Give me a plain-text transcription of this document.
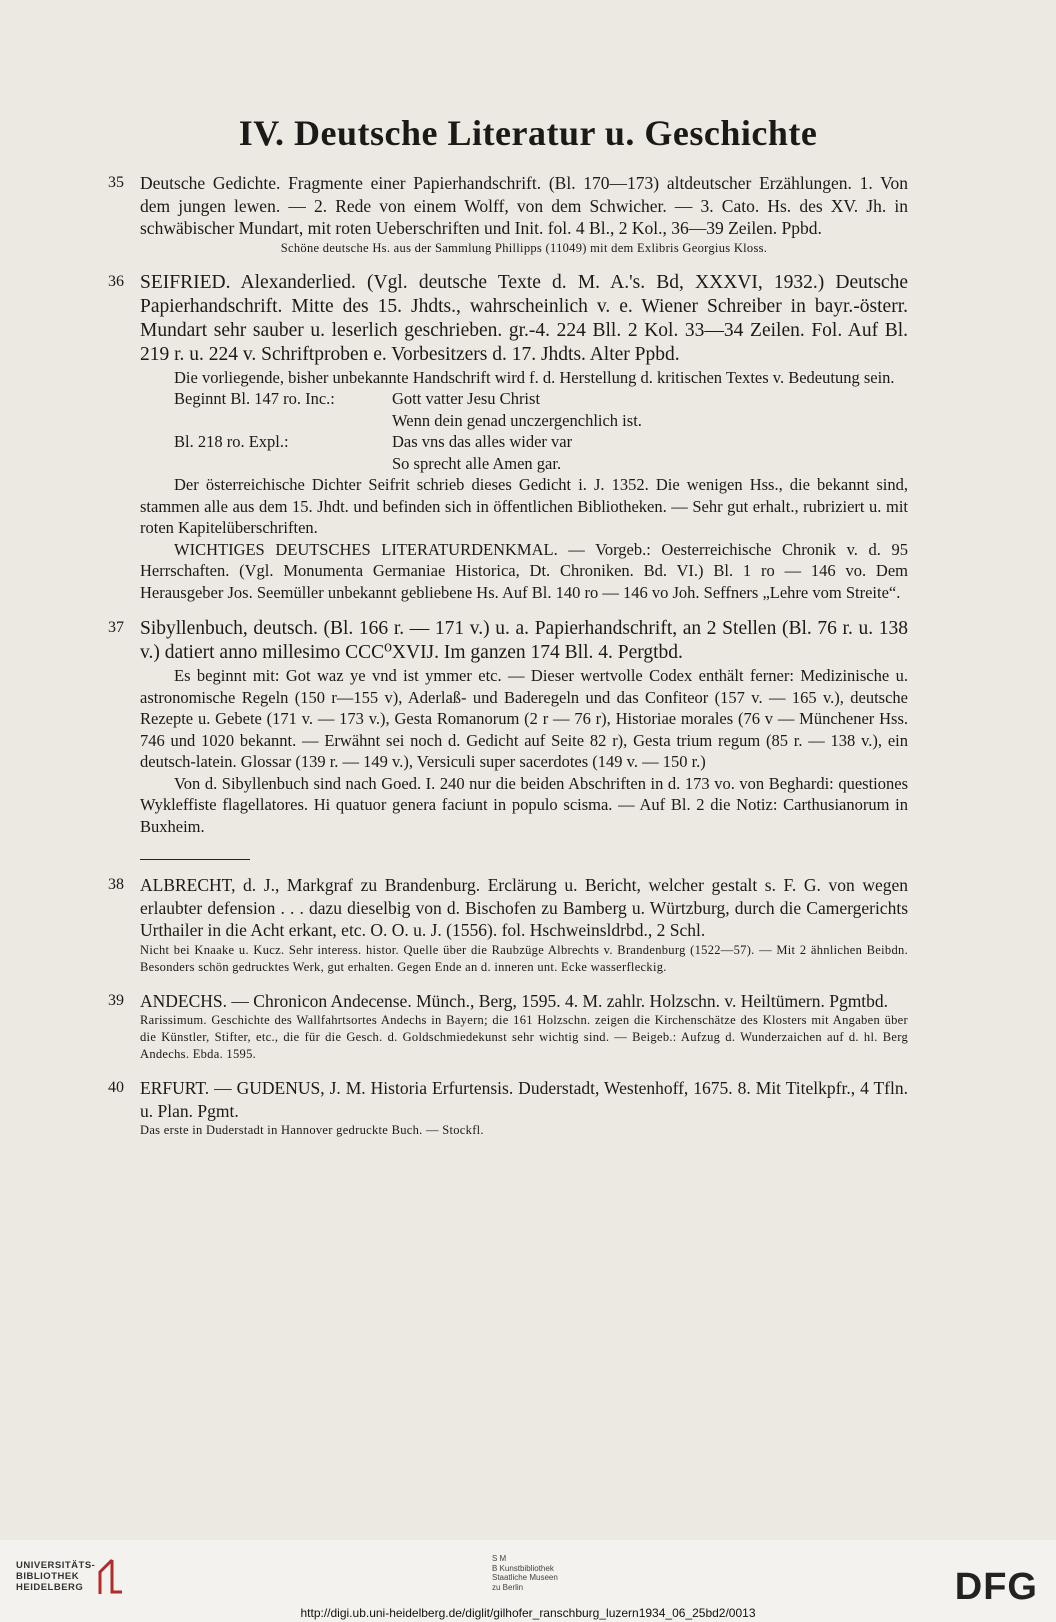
IV. Deutsche Literatur u. Geschichte
35 Deutsche Gedichte. Fragmente einer Papierhandschrift. (Bl. 170—173) altdeutscher Erzählungen. 1. Von dem jungen lewen. — 2. Rede von einem Wolff, von dem Schwicher. — 3. Cato. Hs. des XV. Jh. in schwäbischer Mundart, mit roten Ueberschriften und Init. fol. 4 Bl., 2 Kol., 36—39 Zeilen. Ppbd.

Schöne deutsche Hs. aus der Sammlung Phillipps (11049) mit dem Exlibris Georgius Kloss.

36 SEIFRIED. Alexanderlied. (Vgl. deutsche Texte d. M. A.'s. Bd, XXXVI, 1932.) Deutsche Papierhandschrift. Mitte des 15. Jhdts., wahrscheinlich v. e. Wiener Schreiber in bayr.-österr. Mundart sehr sauber u. leserlich geschrieben. gr.-4. 224 Bll. 2 Kol. 33—34 Zeilen. Fol. Auf Bl. 219 r. u. 224 v. Schriftproben e. Vorbesitzers d. 17. Jhdts. Alter Ppbd.

Die vorliegende, bisher unbekannte Handschrift wird f. d. Herstellung d. kritischen Textes v. Bedeutung sein.

Beginnt Bl. 147 ro. Inc.:	Gott vatter Jesu Christ
Wenn dein genad unczergenchlich ist.
Bl. 218 ro. Expl.:	Das vns das alles wider var
So sprecht alle Amen gar.

Der österreichische Dichter Seifrit schrieb dieses Gedicht i. J. 1352. Die wenigen Hss., die bekannt sind, stammen alle aus dem 15. Jhdt. und befinden sich in öffentlichen Bibliotheken. — Sehr gut erhalt., rubriziert u. mit roten Kapitelüberschriften.

WICHTIGES DEUTSCHES LITERATURDENKMAL. — Vorgeb.: Oesterreichische Chronik v. d. 95 Herrschaften. (Vgl. Monumenta Germaniae Historica, Dt. Chroniken. Bd. VI.) Bl. 1 ro — 146 vo. Dem Herausgeber Jos. Seemüller unbekannt gebliebene Hs. Auf Bl. 140 ro — 146 vo Joh. Seffners „Lehre vom Streite“.

37 Sibyllenbuch, deutsch. (Bl. 166 r. — 171 v.) u. a. Papierhandschrift, an 2 Stellen (Bl. 76 r. u. 138 v.) datiert anno millesimo CCC⁰XVIJ. Im ganzen 174 Bll. 4. Pergtbd.

Es beginnt mit: Got waz ye vnd ist ymmer etc. — Dieser wertvolle Codex enthält ferner: Medizinische u. astronomische Regeln (150 r—155 v), Aderlaß- und Baderegeln und das Confiteor (157 v. — 165 v.), deutsche Rezepte u. Gebete (171 v. — 173 v.), Gesta Romanorum (2 r — 76 r), Historiae morales (76 v — Münchener Hss. 746 und 1020 bekannt. — Erwähnt sei noch d. Gedicht auf Seite 82 r), Gesta trium regum (85 r. — 138 v.), ein deutsch-latein. Glossar (139 r. — 149 v.), Versiculi super sacerdotes (149 v. — 150 r.)

Von d. Sibyllenbuch sind nach Goed. I. 240 nur die beiden Abschriften in d. 173 vo. von Beghardi: questiones Wykleffiste flagellatores. Hi quatuor genera faciunt in populo scisma. — Auf Bl. 2 die Notiz: Carthusianorum in Buxheim.

38 ALBRECHT, d. J., Markgraf zu Brandenburg. Erclärung u. Bericht, welcher gestalt s. F. G. von wegen erlaubter defension . . . dazu dieselbig von d. Bischofen zu Bamberg u. Würtzburg, durch die Camergerichts Urthailer in die Acht erkant, etc. O. O. u. J. (1556). fol. Hschweinsldrbd., 2 Schl.

Nicht bei Knaake u. Kucz. Sehr interess. histor. Quelle über die Raubzüge Albrechts v. Brandenburg (1522—57). — Mit 2 ähnlichen Beibdn. Besonders schön gedrucktes Werk, gut erhalten. Gegen Ende an d. inneren unt. Ecke wasserfleckig.

39 ANDECHS. — Chronicon Andecense. Münch., Berg, 1595. 4. M. zahlr. Holzschn. v. Heiltümern. Pgmtbd.

Rarissimum. Geschichte des Wallfahrtsortes Andechs in Bayern; die 161 Holzschn. zeigen die Kirchenschätze des Klosters mit Angaben über die Künstler, Stifter, etc., die für die Gesch. d. Goldschmiedekunst sehr wichtig sind. — Beigeb.: Aufzug d. Wunderzaichen auf d. hl. Berg Andechs. Ebda. 1595.

40 ERFURT. — GUDENUS, J. M. Historia Erfurtensis. Duderstadt, Westenhoff, 1675. 8. Mit Titelkpfr., 4 Tfln. u. Plan. Pgmt.

Das erste in Duderstadt in Hannover gedruckte Buch. — Stockfl.

UNIVERSITÄTS-
BIBLIOTHEK
HEIDELBERG
S M
B Kunstbibliothek
Staatliche Museen
zu Berlin	DFG
http://digi.ub.uni-heidelberg.de/diglit/gilhofer_ranschburg_luzern1934_06_25bd2/0013
